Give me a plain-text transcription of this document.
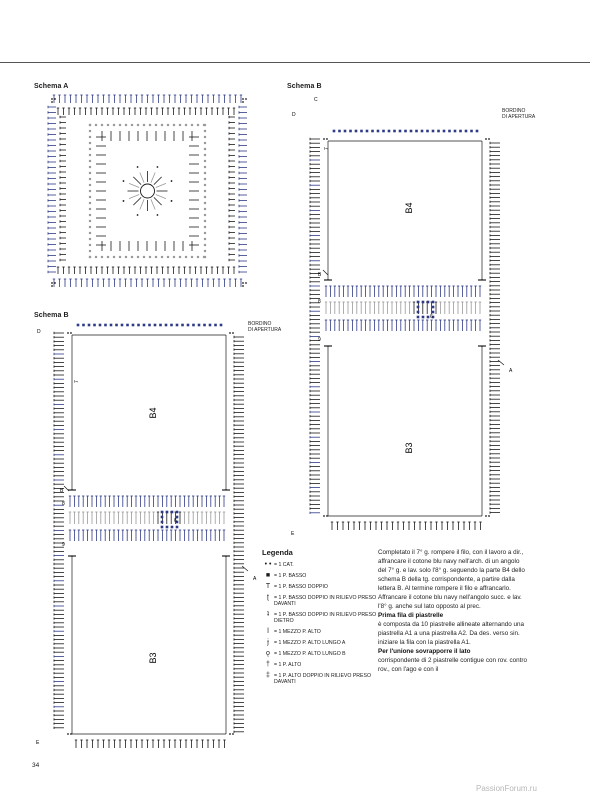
Schema A	Schema B
Schema B
BORDINO
DI APERTURA
BORDINO
DI APERTURA
B4
B3
B4
B3
D
C
B
A
E
8
9
6
7
D
B
A
E
8
9
6
7
Legenda
• • = 1 CAT.
■ = 1 P. BASSO
T = 1 P. BASSO DOPPIO
ʈ = 1 P. BASSO DOPPIO IN RILIEVO PRESO DAVANTI
ʇ = 1 P. BASSO DOPPIO IN RILIEVO PRESO DIETRO
ǀ = 1 MEZZO P. ALTO
ɉ	= 1 MEZZO P. ALTO LUNGO A
ǫ = 1 MEZZO P. ALTO LUNGO B
† = 1 P. ALTO
‡ = 1 P. ALTO DOPPIO IN RILIEVO PRESO DAVANTI

Completato il 7° g. rompere il filo, con il lavoro a dir., affrancare il cotone blu navy nell'arch. di un angolo del 7° g. e lav. solo l'8° g. seguendo la parte B4 dello schema B della tg. corrispondente, a partire dalla lettera B. Al termine rompere il filo e affrancarlo. Affrancare il cotone blu navy nell'angolo succ. e lav. l'8° g. anche sul lato opposto al prec.

Prima fila di piastrelle

è composta da 10 piastrelle allineate alternando una piastrella A1 a una piastrella A2. Da des. verso sin. iniziare la fila con la piastrella A1.

Per l'unione sovrapporre il lato

corrispondente di 2 piastrelle contigue con rov. contro rov., con l'ago e con il

34
PassionForum.ru
